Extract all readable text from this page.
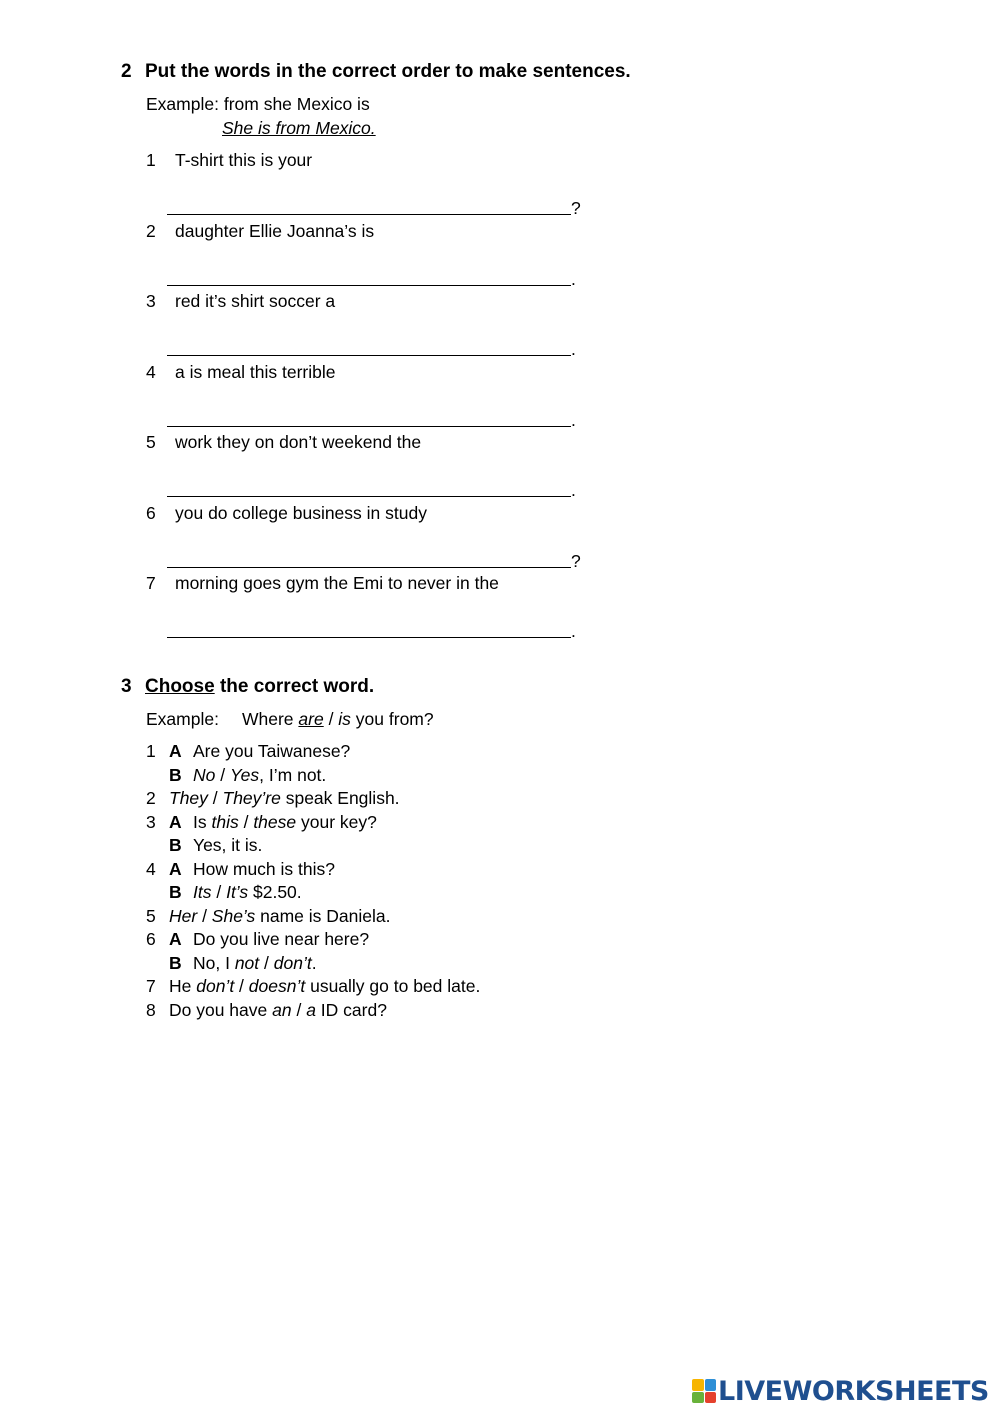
2 Put the words in the correct order to make sentences.
Example: from she Mexico is
She is from Mexico.
1 T-shirt this is your
?
2 daughter Ellie Joanna’s is
.
3 red it’s shirt soccer a
.
4 a is meal this terrible
.
5 work they on don’t weekend the
.
6 you do college business in study
?
7 morning goes gym the Emi to never in the
.
3 Choose the correct word.
Example: Where are / is you from?
1 A Are you Taiwanese?
B No / Yes, I’m not.
2 They / They’re speak English.
3 A Is this / these your key?
B Yes, it is.
4 A How much is this?
B Its / It’s $2.50.
5 Her / She’s name is Daniela.
6 A Do you live near here?
B No, I not / don’t.
7 He don’t / doesn’t usually go to bed late.
8 Do you have an / a ID card?
LIVEWORKSHEETS
